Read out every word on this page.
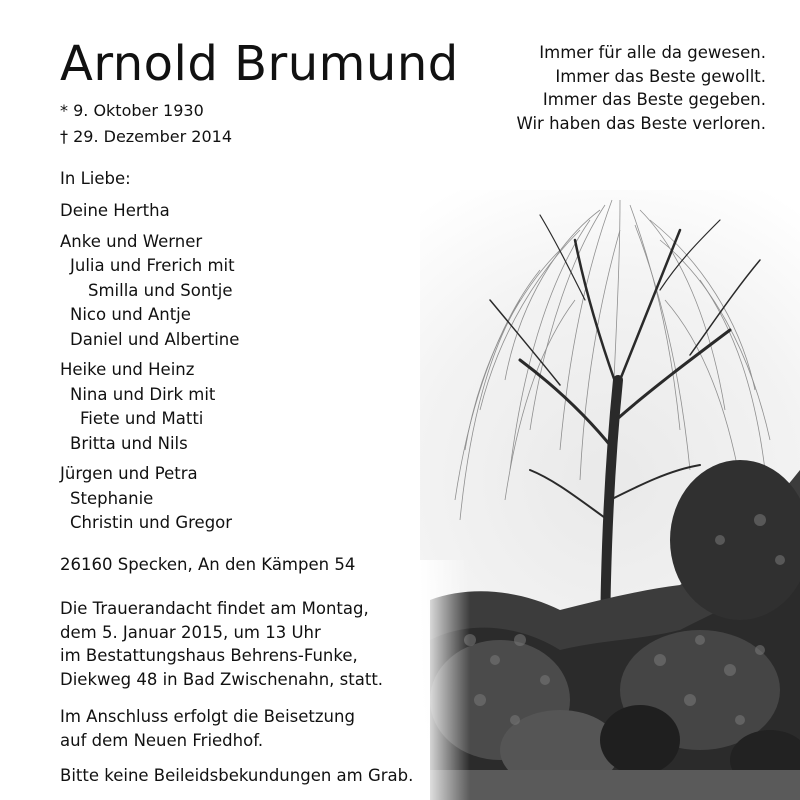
Arnold Brumund
* 9. Oktober 1930
† 29. Dezember 2014
Immer für alle da gewesen.
Immer das Beste gewollt.
Immer das Beste gegeben.
Wir haben das Beste verloren.
In Liebe:
Deine Hertha
Anke und Werner
Julia und Frerich mit
Smilla und Sontje
Nico und Antje
Daniel und Albertine
Heike und Heinz
Nina und Dirk mit
Fiete und Matti
Britta und Nils
Jürgen und Petra
Stephanie
Christin und Gregor
26160 Specken, An den Kämpen 54
Die Trauerandacht findet am Montag,
dem 5. Januar 2015, um 13 Uhr
im Bestattungshaus Behrens-Funke,
Diekweg 48 in Bad Zwischenahn, statt.
Im Anschluss erfolgt die Beisetzung
auf dem Neuen Friedhof.
Bitte keine Beileidsbekundungen am Grab.
